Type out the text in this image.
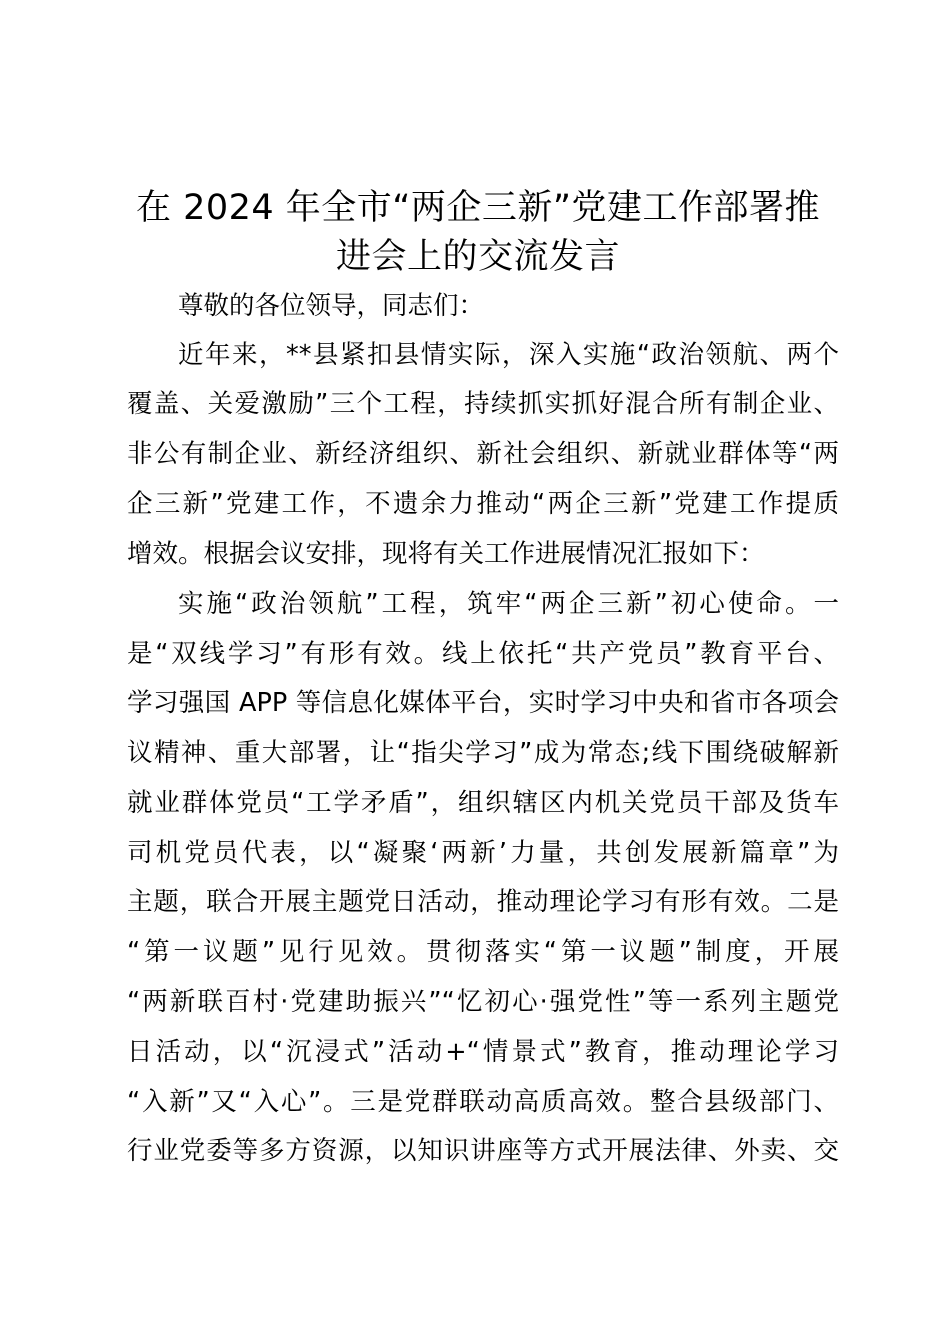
在 2024 年全市“两企三新”党建工作部署推
进会上的交流发言
尊敬的各位领导，同志们：
近年来，**县紧扣县情实际，深入实施“政治领航、两个
覆盖、关爱激励”三个工程，持续抓实抓好混合所有制企业、
非公有制企业、新经济组织、新社会组织、新就业群体等“两
企三新”党建工作，不遗余力推动“两企三新”党建工作提质
增效。根据会议安排，现将有关工作进展情况汇报如下：
实施“政治领航”工程，筑牢“两企三新”初心使命。一
是“双线学习”有形有效。线上依托“共产党员”教育平台、
学习强国 APP 等信息化媒体平台，实时学习中央和省市各项会
议精神、重大部署，让“指尖学习”成为常态;线下围绕破解新
就业群体党员“工学矛盾”，组织辖区内机关党员干部及货车
司机党员代表，以“凝聚‘两新’力量，共创发展新篇章”为
主题，联合开展主题党日活动，推动理论学习有形有效。二是
“第一议题”见行见效。贯彻落实“第一议题”制度，开展
“两新联百村·党建助振兴”“忆初心·强党性”等一系列主题党
日活动，以“沉浸式”活动+“情景式”教育，推动理论学习
“入新”又“入心”。三是党群联动高质高效。整合县级部门、
行业党委等多方资源，以知识讲座等方式开展法律、外卖、交
